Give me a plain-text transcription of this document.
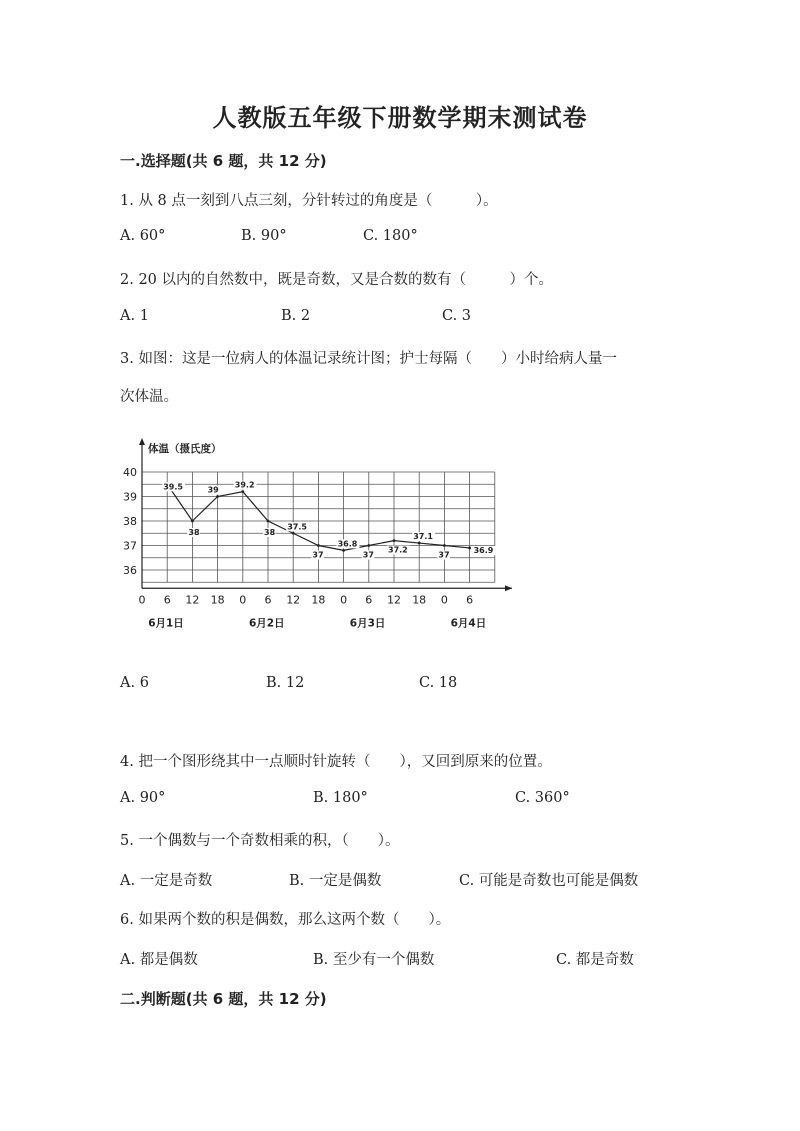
人教版五年级下册数学期末测试卷
一.选择题(共 6 题，共 12 分)
1. 从 8 点一刻到八点三刻，分针转过的角度是（　　　）。
A. 60°	B. 90°	C. 180°
2. 20 以内的自然数中，既是奇数，又是合数的数有（　　　）个。
A. 1	B. 2	C. 3
3. 如图：这是一位病人的体温记录统计图；护士每隔（　　）小时给病人量一
次体温。
体温（摄氏度）
36
37
38
39
40
0 6 12 18 0 6 12 18 0 6 12 18 0 6
6月1日	6月2日	6月3日	6月4日
39.5
38
39
39.2
38
37.5
37
36.8
37
37.2
37.1
37
36.9
A. 6	B. 12	C. 18
4. 把一个图形绕其中一点顺时针旋转（　　），又回到原来的位置。
A. 90°	B. 180°	C. 360°
5. 一个偶数与一个奇数相乘的积，（　　）。
A. 一定是奇数	B. 一定是偶数	C. 可能是奇数也可能是偶数
6. 如果两个数的积是偶数，那么这两个数（　　）。
A. 都是偶数	B. 至少有一个偶数	C. 都是奇数
二.判断题(共 6 题，共 12 分)
